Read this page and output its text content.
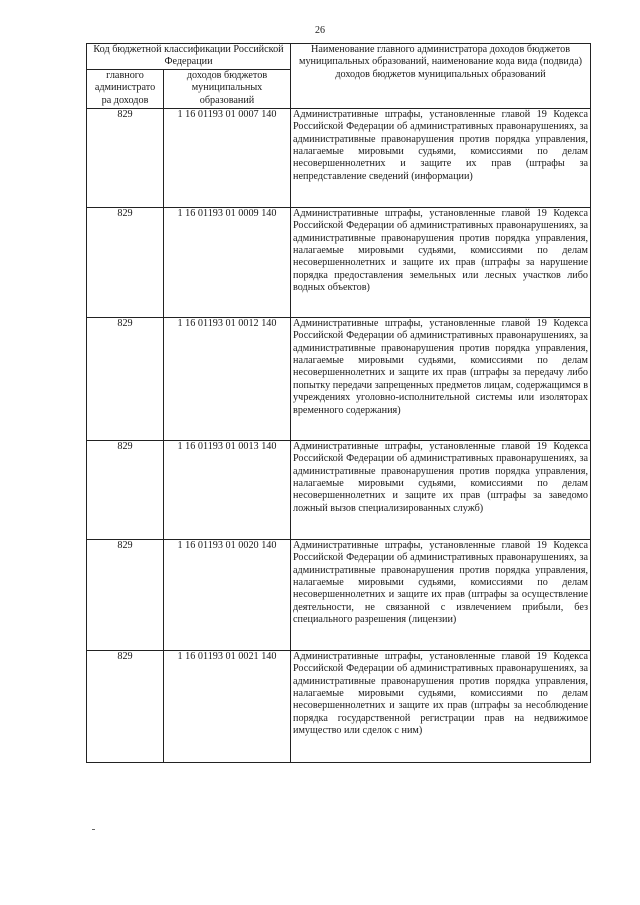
26
Код бюджетной классификации Российской Федерации		Наименование главного администратора доходов бюджетов муниципальных образований, наименование кода вида (подвида) доходов бюджетов муниципальных образований
главного администрато ра доходов	доходов бюджетов муниципальных образований	
829	1 16 01193 01 0007 140	Административные штрафы, установленные главой 19 Кодекса Российской Федерации об административных правонарушениях, за административные правонарушения против порядка управления, налагаемые мировыми судьями, комиссиями по делам несовершеннолетних и защите их прав (штрафы за непредставление сведений (информации)
829	1 16 01193 01 0009 140	Административные штрафы, установленные главой 19 Кодекса Российской Федерации об административных правонарушениях, за административные правонарушения против порядка управления, налагаемые мировыми судьями, комиссиями по делам несовершеннолетних и защите их прав (штрафы за нарушение порядка предоставления земельных или лесных участков либо водных объектов)
829	1 16 01193 01 0012 140	Административные штрафы, установленные главой 19 Кодекса Российской Федерации об административных правонарушениях, за административные правонарушения против порядка управления, налагаемые мировыми судьями, комиссиями по делам несовершеннолетних и защите их прав (штрафы за передачу либо попытку передачи запрещенных предметов лицам, содержащимся в учреждениях уголовно-исполнительной системы или изоляторах временного содержания)
829	1 16 01193 01 0013 140	Административные штрафы, установленные главой 19 Кодекса Российской Федерации об административных правонарушениях, за административные правонарушения против порядка управления, налагаемые мировыми судьями, комиссиями по делам несовершеннолетних и защите их прав (штрафы за заведомо ложный вызов специализированных служб)
829	1 16 01193 01 0020 140	Административные штрафы, установленные главой 19 Кодекса Российской Федерации об административных правонарушениях, за административные правонарушения против порядка управления, налагаемые мировыми судьями, комиссиями по делам несовершеннолетних и защите их прав (штрафы за осуществление деятельности, не связанной с извлечением прибыли, без специального разрешения (лицензии)
829	1 16 01193 01 0021 140	Административные штрафы, установленные главой 19 Кодекса Российской Федерации об административных правонарушениях, за административные правонарушения против порядка управления, налагаемые мировыми судьями, комиссиями по делам несовершеннолетних и защите их прав (штрафы за несоблюдение порядка государственной регистрации прав на недвижимое имущество или сделок с ним)
